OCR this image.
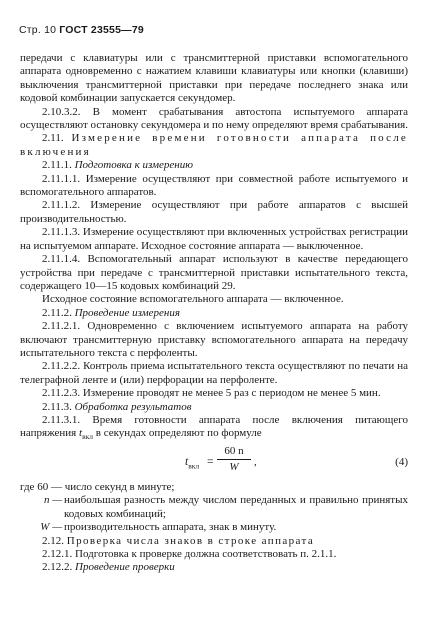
Стр. 10 ГОСТ 23555—79

передачи с клавиатуры или с трансмиттерной приставки вспомогательного аппарата одновременно с нажатием клавиши клавиатуры или кнопки (клавиши) выключения трансмиттерной приставки при передаче последнего знака или кодовой комбинации запускается секундомер.

2.10.3.2. В момент срабатывания автостопа испытуемого аппарата осуществляют остановку секундомера и по нему определяют время срабатывания.

2.11. Измерение времени готовности аппарата после включения

2.11.1. Подготовка к измерению

2.11.1.1. Измерение осуществляют при совместной работе испытуемого и вспомогательного аппаратов.

2.11.1.2. Измерение осуществляют при работе аппаратов с высшей производительностью.

2.11.1.3. Измерение осуществляют при включенных устройствах регистрации на испытуемом аппарате. Исходное состояние аппарата — выключенное.

2.11.1.4. Вспомогательный аппарат используют в качестве передающего устройства при передаче с трансмиттерной приставки испытательного текста, содержащего 10—15 кодовых комбинаций 29.

Исходное состояние вспомогательного аппарата — включенное.

2.11.2. Проведение измерения

2.11.2.1. Одновременно с включением испытуемого аппарата на работу включают трансмиттерную приставку вспомогательного аппарата на передачу испытательного текста с перфоленты.

2.11.2.2. Контроль приема испытательного текста осуществляют по печати на телеграфной ленте и (или) перфорации на перфоленте.

2.11.2.3. Измерение проводят не менее 5 раз с периодом не менее 5 мин.

2.11.3. Обработка результатов

2.11.3.1. Время готовности аппарата после включения питающего напряжения $t_{вкл}$ в секундах определяют по формуле

$t_{вкл} = \frac{60 n}{W}$ ,	(4)

где 60 — число секунд в минуте;

n — наибольшая разность между числом переданных и правильно принятых кодовых комбинаций;
W — производительность аппарата, знак в минуту.

2.12. Проверка числа знаков в строке аппарата

2.12.1. Подготовка к проверке должна соответствовать п. 2.1.1.

2.12.2. Проведение проверки
